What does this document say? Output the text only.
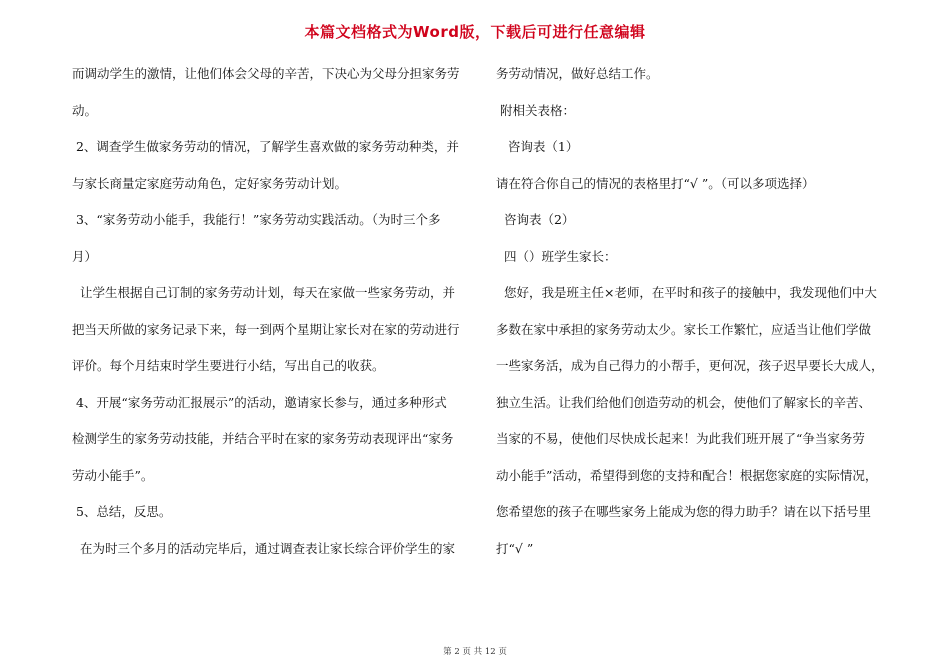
本篇文档格式为Word版，下载后可进行任意编辑
而调动学生的激情，让他们体会父母的辛苦，下决心为父母分担家务劳
动。
2、调查学生做家务劳动的情况，了解学生喜欢做的家务劳动种类，并
与家长商量定家庭劳动角色，定好家务劳动计划。
3、“家务劳动小能手，我能行！”家务劳动实践活动。（为时三个多
月）
让学生根据自己订制的家务劳动计划，每天在家做一些家务劳动，并
把当天所做的家务记录下来，每一到两个星期让家长对在家的劳动进行
评价。每个月结束时学生要进行小结，写出自己的收获。
4、开展“家务劳动汇报展示”的活动，邀请家长参与，通过多种形式
检测学生的家务劳动技能，并结合平时在家的家务劳动表现评出“家务
劳动小能手”。
5、总结，反思。
在为时三个多月的活动完毕后，通过调查表让家长综合评价学生的家
务劳动情况，做好总结工作。
附相关表格：
咨询表（1）
请在符合你自己的情况的表格里打“√ ”。（可以多项选择）
咨询表（2）
四（）班学生家长：
您好，我是班主任×老师，在平时和孩子的接触中，我发现他们中大
多数在家中承担的家务劳动太少。家长工作繁忙，应适当让他们学做
一些家务活，成为自己得力的小帮手，更何况，孩子迟早要长大成人，
独立生活。让我们给他们创造劳动的机会，使他们了解家长的辛苦、
当家的不易，使他们尽快成长起来！为此我们班开展了“争当家务劳
动小能手”活动，希望得到您的支持和配合！根据您家庭的实际情况，
您希望您的孩子在哪些家务上能成为您的得力助手？请在以下括号里
打“√ ”
第 2 页 共 12 页
